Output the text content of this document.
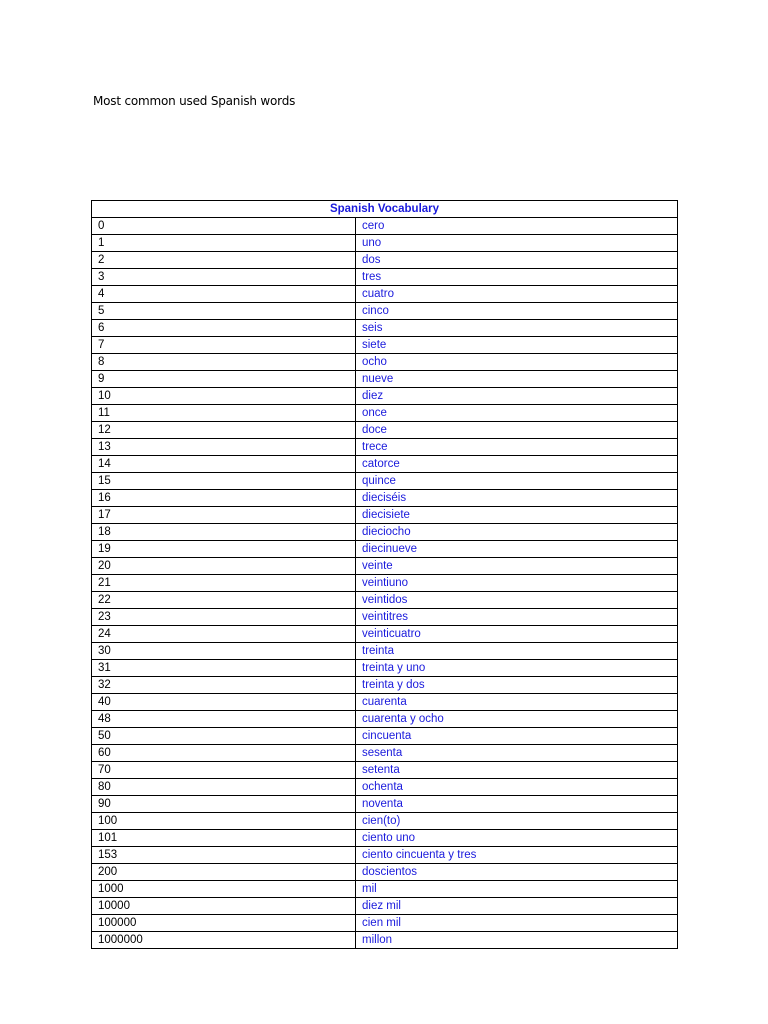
Most common used Spanish words
Spanish Vocabulary	
0	cero
1	uno
2	dos
3	tres
4	cuatro
5	cinco
6	seis
7	siete
8	ocho
9	nueve
10	diez
11	once
12	doce
13	trece
14	catorce
15	quince
16	dieciséis
17	diecisiete
18	dieciocho
19	diecinueve
20	veinte
21	veintiuno
22	veintidos
23	veintitres
24	veinticuatro
30	treinta
31	treinta y uno
32	treinta y dos
40	cuarenta
48	cuarenta y ocho
50	cincuenta
60	sesenta
70	setenta
80	ochenta
90	noventa
100	cien(to)
101	ciento uno
153	ciento cincuenta y tres
200	doscientos
1000	mil
10000	diez mil
100000	cien mil
1000000	millon
